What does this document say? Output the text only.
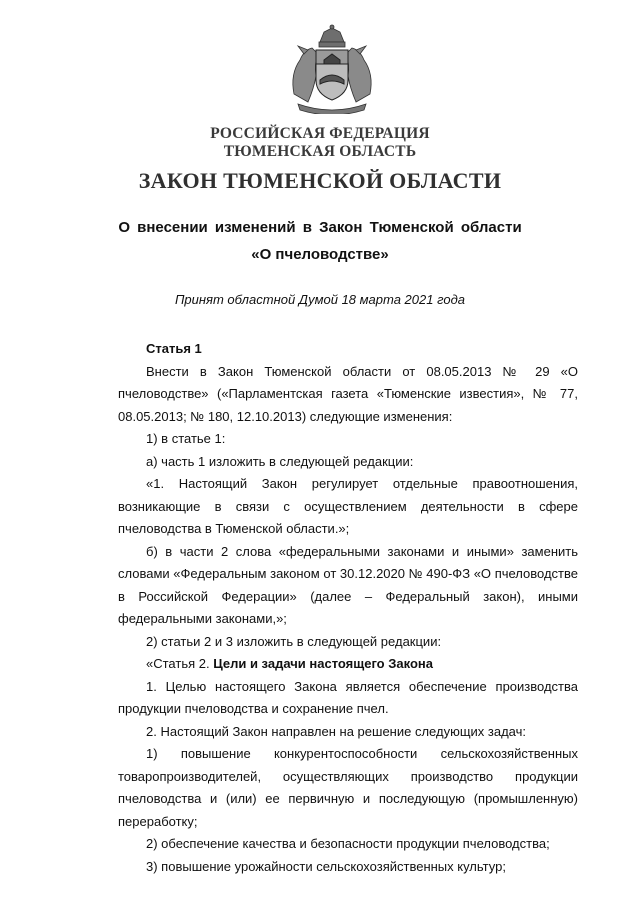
РОССИЙСКАЯ ФЕДЕРАЦИЯ
ТЮМЕНСКАЯ ОБЛАСТЬ
ЗАКОН ТЮМЕНСКОЙ ОБЛАСТИ
О внесении изменений в Закон Тюменской области
«О пчеловодстве»
Принят областной Думой 18 марта 2021 года

Статья 1

Внести в Закон Тюменской области от 08.05.2013 № 29 «О пчеловодстве» («Парламентская газета «Тюменские известия», № 77, 08.05.2013; № 180, 12.10.2013) следующие изменения:

1) в статье 1:

а) часть 1 изложить в следующей редакции:

«1. Настоящий Закон регулирует отдельные правоотношения, возникающие в связи с осуществлением деятельности в сфере пчеловодства в Тюменской области.»;

б) в части 2 слова «федеральными законами и иными» заменить словами «Федеральным законом от 30.12.2020 № 490-ФЗ «О пчеловодстве в Российской Федерации» (далее – Федеральный закон), иными федеральными законами,»;

2) статьи 2 и 3 изложить в следующей редакции:

«Статья 2. Цели и задачи настоящего Закона

1. Целью настоящего Закона является обеспечение производства продукции пчеловодства и сохранение пчел.

2. Настоящий Закон направлен на решение следующих задач:

1) повышение конкурентоспособности сельскохозяйственных товаропроизводителей, осуществляющих производство продукции пчеловодства и (или) ее первичную и последующую (промышленную) переработку;

2) обеспечение качества и безопасности продукции пчеловодства;

3) повышение урожайности сельскохозяйственных культур;
